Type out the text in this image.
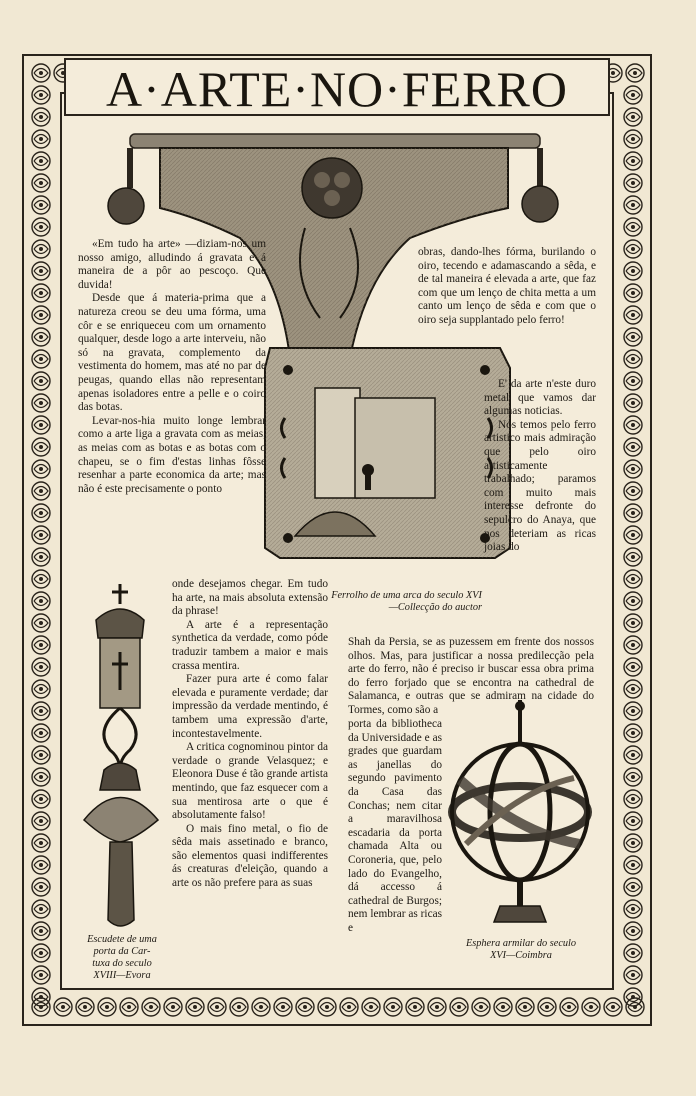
A·ARTE·NO·FERRO

«Em tudo ha arte» —diziam-nos um nosso amigo, alludindo á gravata e á maneira de a pôr ao pescoço. Que duvida!

Desde que á materia-prima que a natureza creou se deu uma fórma, uma côr e se enriqueceu com um ornamento qualquer, desde logo a arte interveiu, não só na gravata, complemento da vestimenta do homem, mas até no par de peugas, quando ellas não representam apenas isoladores entre a pelle e o coiro das botas.

Levar-nos-hia muito longe lembrar como a arte liga a gravata com as meias, as meias com as botas e as botas com o chapeu, se o fim d'estas linhas fôsse resenhar a parte economica da arte; mas não é este precisamente o ponto

onde desejamos chegar. Em tudo ha arte, na mais absoluta extensão da phrase!

A arte é a representação synthetica da verdade, como póde traduzir tambem a maior e mais crassa mentira.

Fazer pura arte é como falar elevada e puramente verdade; dar impressão da verdade mentindo, é tambem uma expressão d'arte, incontestavelmente.

A critica cognominou pintor da verdade o grande Velasquez; e Eleonora Duse é tão grande artista mentindo, que faz esquecer com a sua mentirosa arte o que é absolutamente falso!

O mais fino metal, o fio de sêda mais assetinado e branco, são elementos quasi indifferentes ás creaturas d'eleição, quando a arte os não prefere para as suas

obras, dando-lhes fórma, burilando o oiro, tecendo e adamascando a sêda, e de tal maneira é elevada a arte, que faz com que um lenço de chita metta a um canto um lenço de sêda e com que o oiro seja supplantado pelo ferro!

E' da arte n'este duro metal que vamos dar algumas noticias.

Nós temos pelo ferro artistico mais admiração que pelo oiro artisticamente trabalhado; paramos com muito mais interesse defronte do sepulcro do Anaya, que nos deteriam as ricas joias do

Shah da Persia, se as puzessem em frente dos nossos olhos. Mas, para justificar a nossa predilecção pela arte do ferro, não é preciso ir buscar essa obra prima do ferro forjado que se encontra na cathedral de Salamanca, e outras que se admiram na cidade do Tormes, como são a

porta da bibliotheca da Universidade e as grades que guardam as janellas do segundo pavimento da Casa das Conchas; nem citar a maravilhosa escadaria da porta chamada Alta ou Coroneria, que, pelo lado do Evangelho, dá accesso á cathedral de Burgos; nem lembrar as ricas e

Ferrolho de uma arca do seculo XVI
—Collecção do auctor
Escudete de uma
porta da Car-
tuxa do seculo
XVIII—Evora
Esphera armilar do seculo
XVI—Coimbra
